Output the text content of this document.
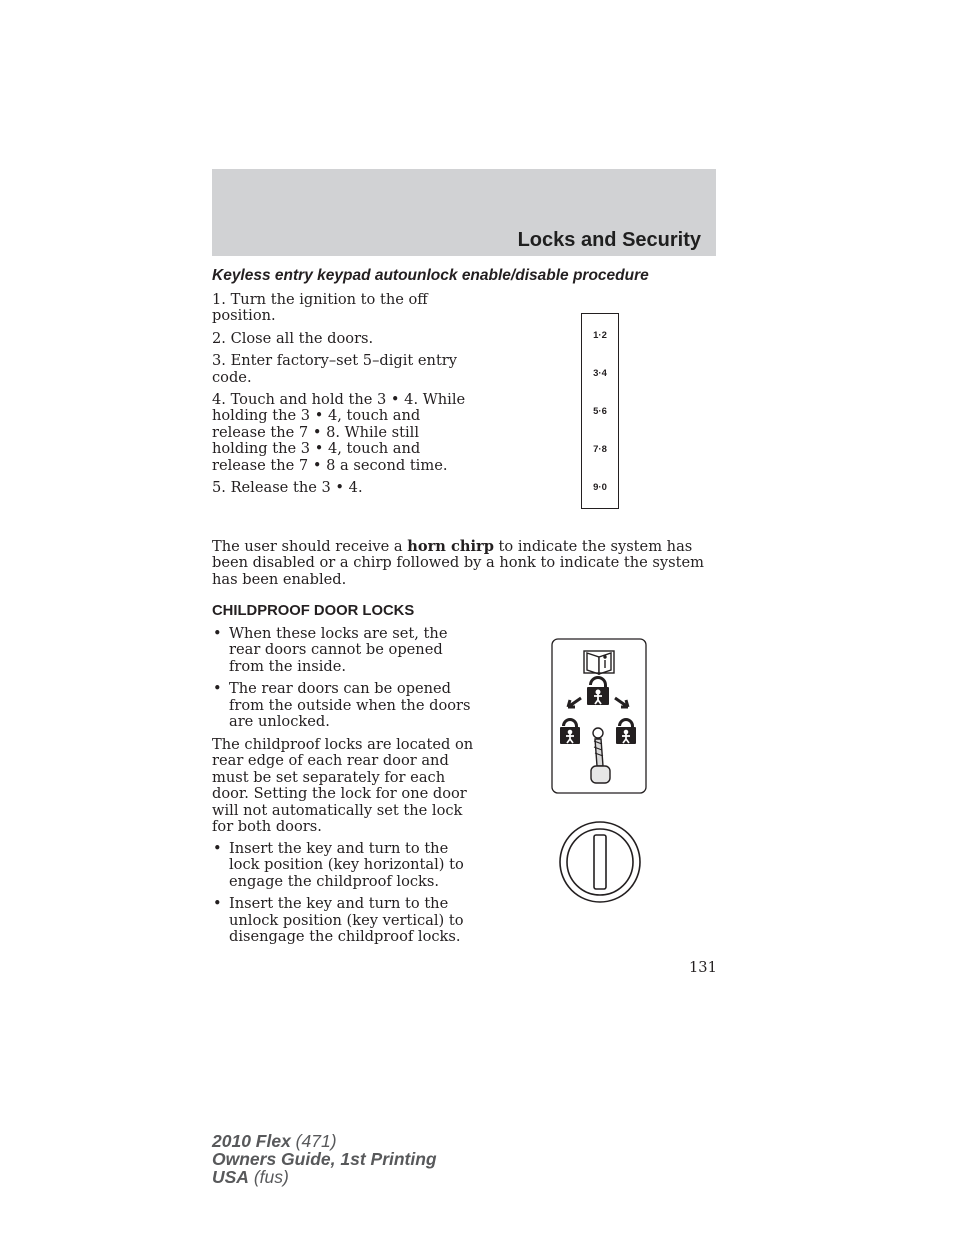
Locks and Security
Keyless entry keypad autounlock enable/disable procedure
1. Turn the ignition to the off position.
2. Close all the doors.
3. Enter factory–set 5–digit entry code.
4. Touch and hold the 3 • 4. While holding the 3 • 4, touch and release the 7 • 8. While still holding the 3 • 4, touch and release the 7 • 8 a second time.
5. Release the 3 • 4.
1·2
3·4
5·6
7·8
9·0

The user should receive a horn chirp to indicate the system has been disabled or a chirp followed by a honk to indicate the system has been enabled.

CHILDPROOF DOOR LOCKS
• When these locks are set, the rear doors cannot be opened from the inside.
• The rear doors can be opened from the outside when the doors are unlocked.

The childproof locks are located on rear edge of each rear door and must be set separately for each door. Setting the lock for one door will not automatically set the lock for both doors.

• Insert the key and turn to the lock position (key horizontal) to engage the childproof locks.
• Insert the key and turn to the unlock position (key vertical) to disengage the childproof locks.

131

2010 Flex (471)
Owners Guide, 1st Printing
USA (fus)
